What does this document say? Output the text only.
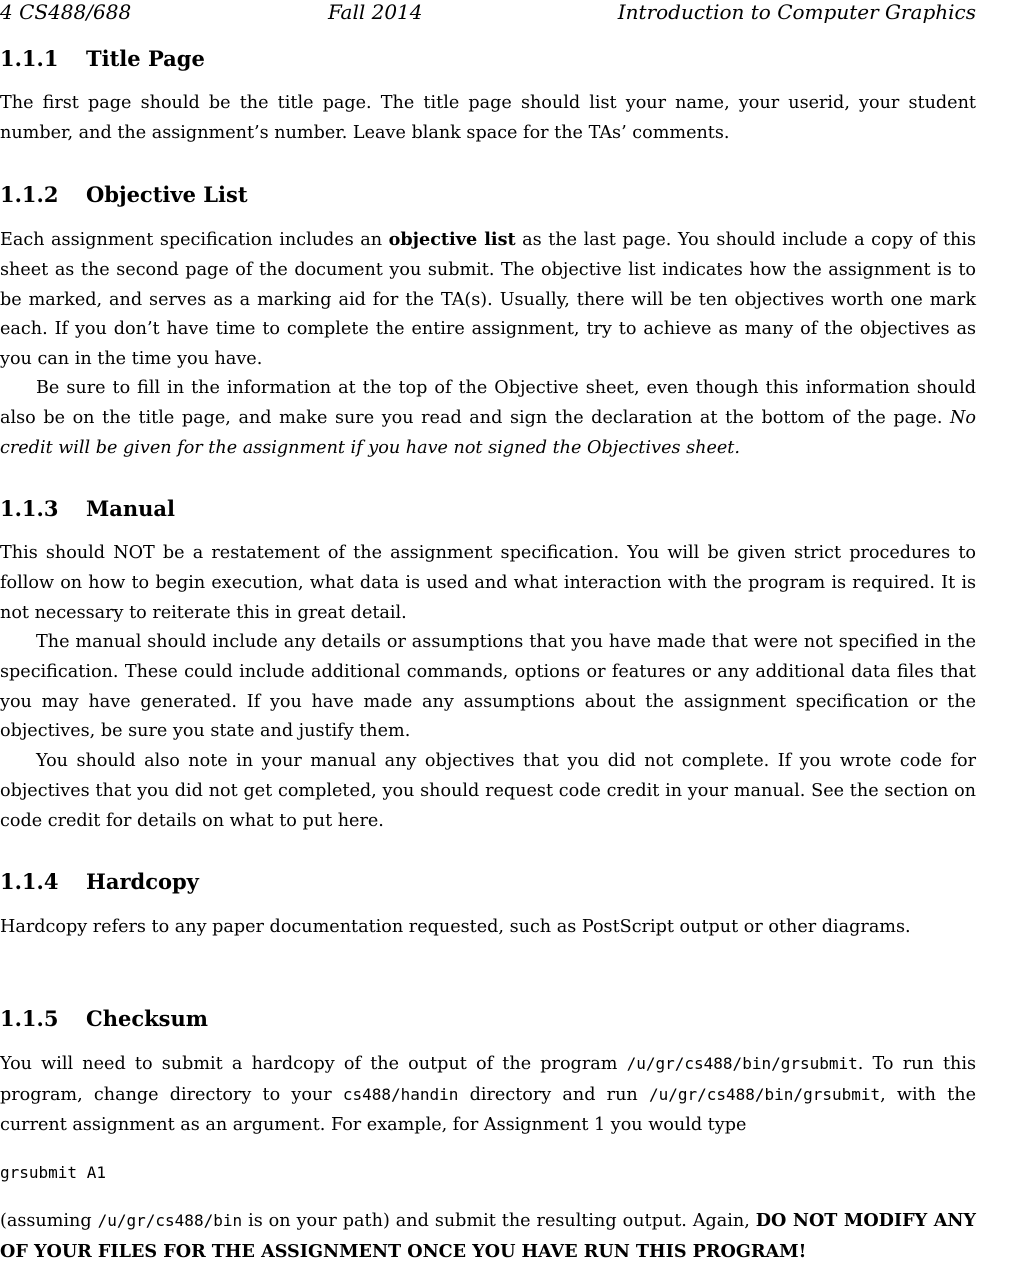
4 CS488/688	Fall 2014	Introduction to Computer Graphics
1.1.1 Title Page

The first page should be the title page. The title page should list your name, your userid, your student number, and the assignment’s number. Leave blank space for the TAs’ comments.

1.1.2 Objective List

Each assignment specification includes an objective list as the last page. You should include a copy of this sheet as the second page of the document you submit. The objective list indicates how the assignment is to be marked, and serves as a marking aid for the TA(s). Usually, there will be ten objectives worth one mark each. If you don’t have time to complete the entire assignment, try to achieve as many of the objectives as you can in the time you have.

Be sure to fill in the information at the top of the Objective sheet, even though this information should also be on the title page, and make sure you read and sign the declaration at the bottom of the page. No credit will be given for the assignment if you have not signed the Objectives sheet.

1.1.3 Manual

This should NOT be a restatement of the assignment specification. You will be given strict procedures to follow on how to begin execution, what data is used and what interaction with the program is required. It is not necessary to reiterate this in great detail.

The manual should include any details or assumptions that you have made that were not specified in the specification. These could include additional commands, options or features or any additional data files that you may have generated. If you have made any assumptions about the assignment specification or the objectives, be sure you state and justify them.

You should also note in your manual any objectives that you did not complete. If you wrote code for objectives that you did not get completed, you should request code credit in your manual. See the section on code credit for details on what to put here.

1.1.4 Hardcopy

Hardcopy refers to any paper documentation requested, such as PostScript output or other diagrams.

1.1.5 Checksum

You will need to submit a hardcopy of the output of the program /u/gr/cs488/bin/grsubmit. To run this program, change directory to your cs488/handin directory and run /u/gr/cs488/bin/grsubmit, with the current assignment as an argument. For example, for Assignment 1 you would type

grsubmit A1

(assuming /u/gr/cs488/bin is on your path) and submit the resulting output. Again, DO NOT MODIFY ANY OF YOUR FILES FOR THE ASSIGNMENT ONCE YOU HAVE RUN THIS PROGRAM!
